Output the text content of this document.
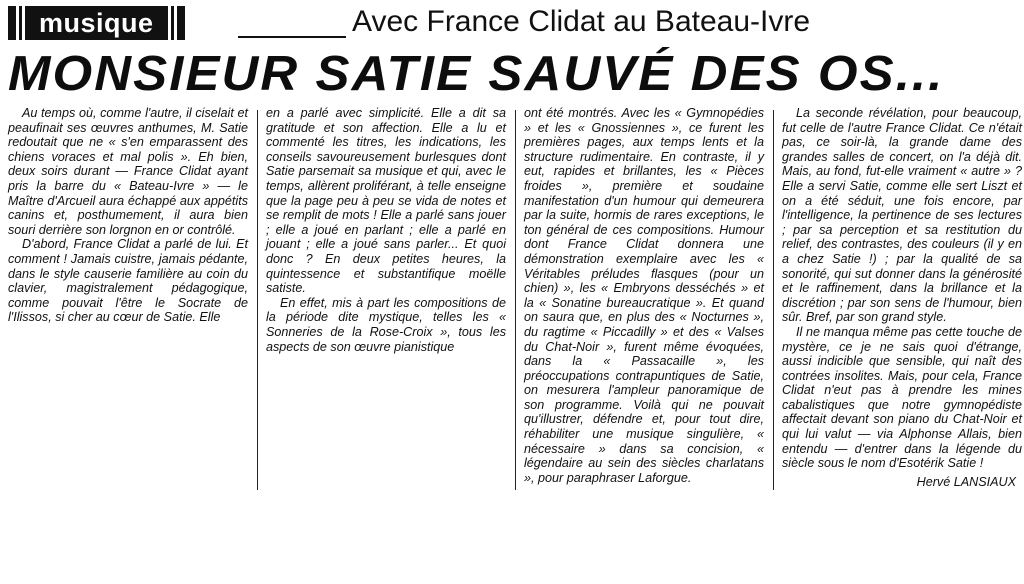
musique	Avec France Clidat au Bateau-Ivre
MONSIEUR SATIE SAUVÉ DES OS...

Au temps où, comme l'autre, il ciselait et peaufinait ses œuvres anthumes, M. Satie redoutait que ne « s'en emparassent des chiens voraces et mal polis ». Eh bien, deux soirs durant — France Clidat ayant pris la barre du « Bateau-Ivre » — le Maître d'Arcueil aura échappé aux appétits canins et, posthumement, il aura bien souri derrière son lorgnon en or contrôlé.

D'abord, France Clidat a parlé de lui. Et comment ! Jamais cuistre, jamais pédante, dans le style causerie familière au coin du clavier, magistralement pédagogique, comme pouvait l'être le Socrate de l'Ilissos, si cher au cœur de Satie. Elle

en a parlé avec simplicité. Elle a dit sa gratitude et son affection. Elle a lu et commenté les titres, les indications, les conseils savoureusement burlesques dont Satie parsemait sa musique et qui, avec le temps, allèrent proliférant, à telle enseigne que la page peu à peu se vida de notes et se remplit de mots ! Elle a parlé sans jouer ; elle a joué en parlant ; elle a parlé en jouant ; elle a joué sans parler... Et quoi donc ? En deux petites heures, la quintessence et substantifique moëlle satiste.

En effet, mis à part les compositions de la période dite mystique, telles les « Sonneries de la Rose-Croix », tous les aspects de son œuvre pianistique

ont été montrés. Avec les « Gymnopédies » et les « Gnossiennes », ce furent les premières pages, aux temps lents et la structure rudimentaire. En contraste, il y eut, rapides et brillantes, les « Pièces froides », première et soudaine manifestation d'un humour qui demeurera par la suite, hormis de rares exceptions, le ton général de ces compositions. Humour dont France Clidat donnera une démonstration exemplaire avec les « Véritables préludes flasques (pour un chien) », les « Embryons desséchés » et la « Sonatine bureaucratique ». Et quand on saura que, en plus des « Nocturnes », du ragtime « Piccadilly » et des « Valses du Chat-Noir », furent même évoquées, dans la « Passacaille », les préoccupations contrapuntiques de Satie, on mesurera l'ampleur panoramique de son programme. Voilà qui ne pouvait qu'illustrer, défendre et, pour tout dire, réhabiliter une musique singulière, « nécessaire » dans sa concision, « légendaire au sein des siècles charlatans », pour paraphraser Laforgue.

La seconde révélation, pour beaucoup, fut celle de l'autre France Clidat. Ce n'était pas, ce soir-là, la grande dame des grandes salles de concert, on l'a déjà dit. Mais, au fond, fut-elle vraiment « autre » ? Elle a servi Satie, comme elle sert Liszt et on a été séduit, une fois encore, par l'intelligence, la pertinence de ses lectures ; par sa perception et sa restitution du relief, des contrastes, des couleurs (il y en a chez Satie !) ; par la qualité de sa sonorité, qui sut donner dans la générosité et le raffinement, dans la brillance et la discrétion ; par son sens de l'humour, bien sûr. Bref, par son grand style.

Il ne manqua même pas cette touche de mystère, ce je ne sais quoi d'étrange, aussi indicible que sensible, qui naît des contrées insolites. Mais, pour cela, France Clidat n'eut pas à prendre les mines cabalistiques que notre gymnopédiste affectait devant son piano du Chat-Noir et qui lui valut — via Alphonse Allais, bien entendu — d'entrer dans la légende du siècle sous le nom d'Esotérik Satie !

Hervé LANSIAUX
